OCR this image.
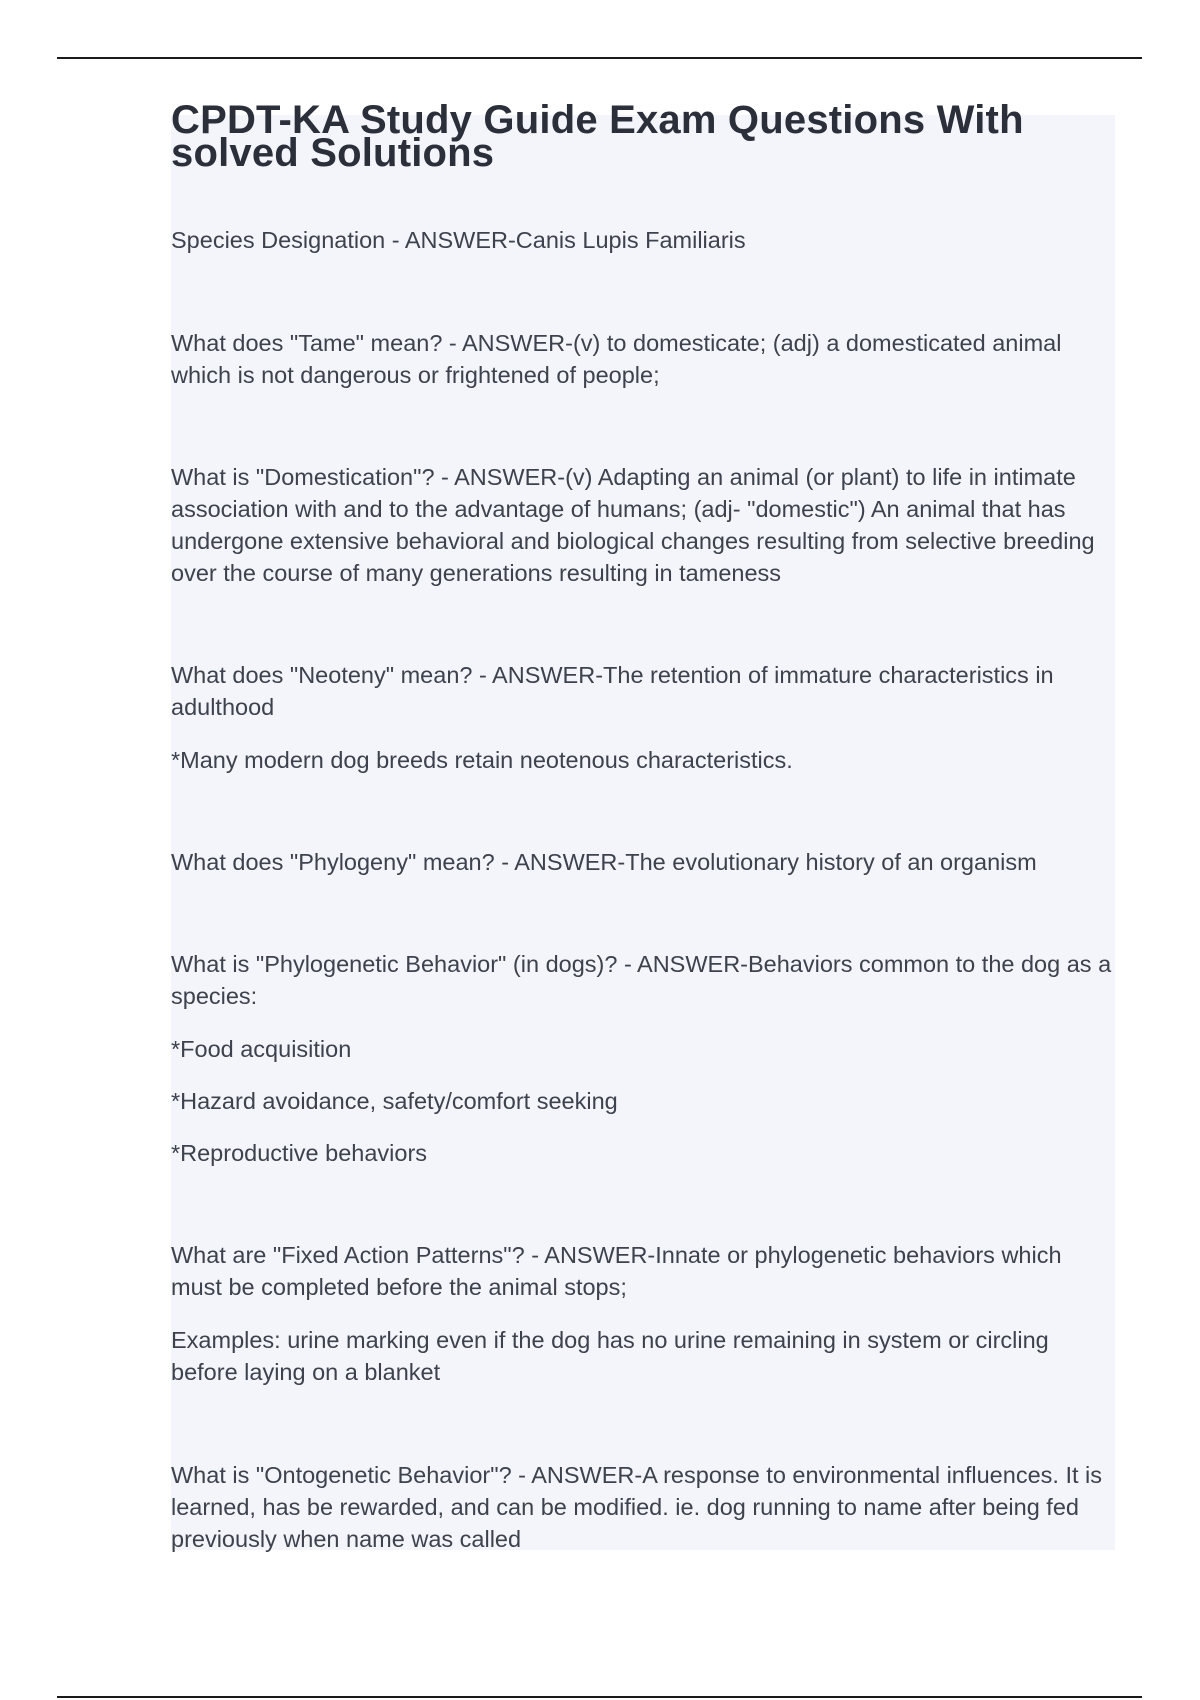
CPDT-KA Study Guide Exam Questions With solved Solutions

Species Designation - ANSWER-Canis Lupis Familiaris

What does "Tame" mean? - ANSWER-(v) to domesticate; (adj) a domesticated animal which is not dangerous or frightened of people;

What is "Domestication"? - ANSWER-(v) Adapting an animal (or plant) to life in intimate association with and to the advantage of humans; (adj- "domestic") An animal that has undergone extensive behavioral and biological changes resulting from selective breeding over the course of many generations resulting in tameness

What does "Neoteny" mean? - ANSWER-The retention of immature characteristics in adulthood

*Many modern dog breeds retain neotenous characteristics.

What does "Phylogeny" mean? - ANSWER-The evolutionary history of an organism

What is "Phylogenetic Behavior" (in dogs)? - ANSWER-Behaviors common to the dog as a species:

*Food acquisition

*Hazard avoidance, safety/comfort seeking

*Reproductive behaviors

What are "Fixed Action Patterns"? - ANSWER-Innate or phylogenetic behaviors which must be completed before the animal stops;

Examples: urine marking even if the dog has no urine remaining in system or circling before laying on a blanket

What is "Ontogenetic Behavior"? - ANSWER-A response to environmental influences. It is learned, has be rewarded, and can be modified. ie. dog running to name after being fed previously when name was called
